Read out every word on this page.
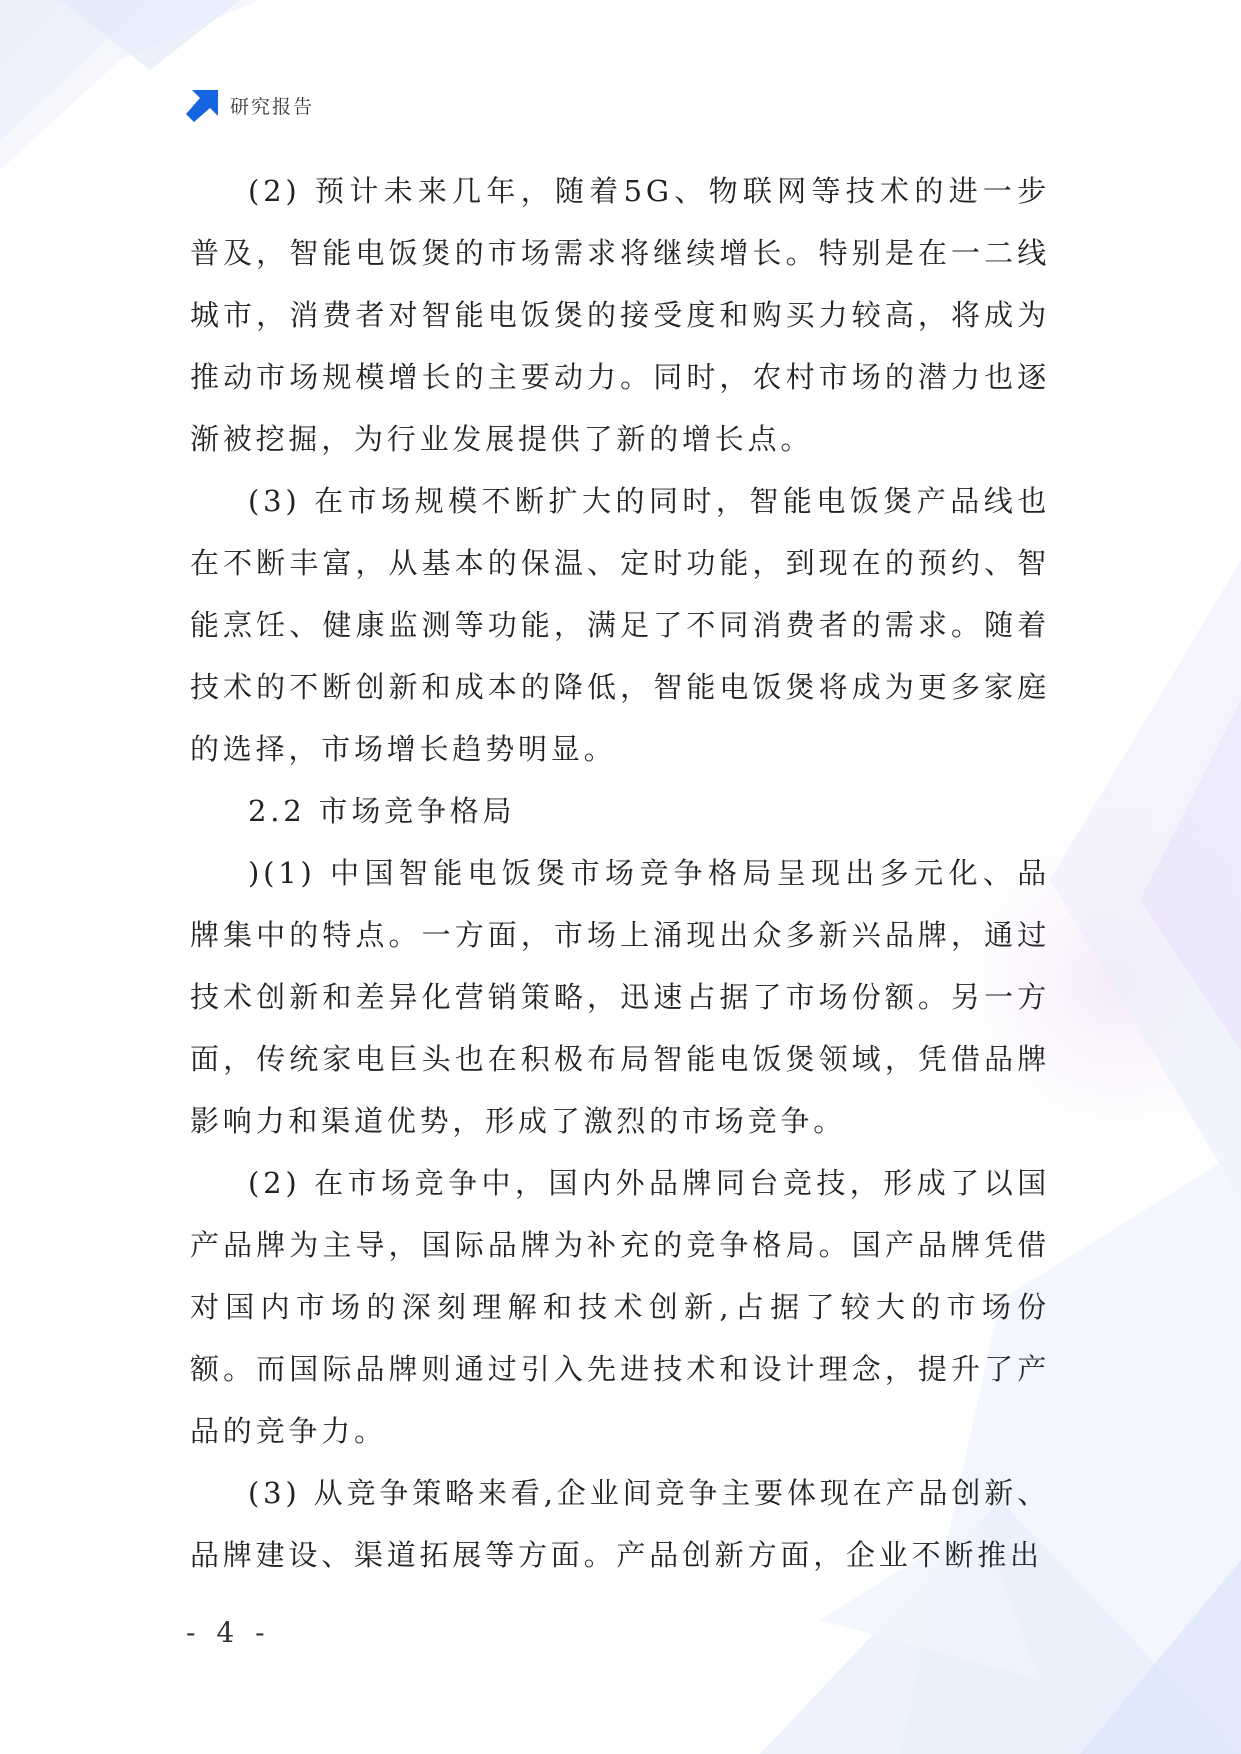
研究报告

(2) 预计未来几年，随着5G、物联网等技术的进一步普及，智能电饭煲的市场需求将继续增长。特别是在一二线城市，消费者对智能电饭煲的接受度和购买力较高，将成为推动市场规模增长的主要动力。同时，农村市场的潜力也逐渐被挖掘，为行业发展提供了新的增长点。

(3) 在市场规模不断扩大的同时，智能电饭煲产品线也在不断丰富，从基本的保温、定时功能，到现在的预约、智能烹饪、健康监测等功能，满足了不同消费者的需求。随着技术的不断创新和成本的降低，智能电饭煲将成为更多家庭的选择，市场增长趋势明显。

2.2 市场竞争格局

)(1) 中国智能电饭煲市场竞争格局呈现出多元化、品牌集中的特点。一方面，市场上涌现出众多新兴品牌，通过技术创新和差异化营销策略，迅速占据了市场份额。另一方面，传统家电巨头也在积极布局智能电饭煲领域，凭借品牌影响力和渠道优势，形成了激烈的市场竞争。

(2) 在市场竞争中，国内外品牌同台竞技，形成了以国产品牌为主导，国际品牌为补充的竞争格局。国产品牌凭借对国内市场的深刻理解和技术创新,占据了较大的市场份额。而国际品牌则通过引入先进技术和设计理念，提升了产品的竞争力。

(3) 从竞争策略来看,企业间竞争主要体现在产品创新、品牌建设、渠道拓展等方面。产品创新方面，企业不断推出

- 4 -
